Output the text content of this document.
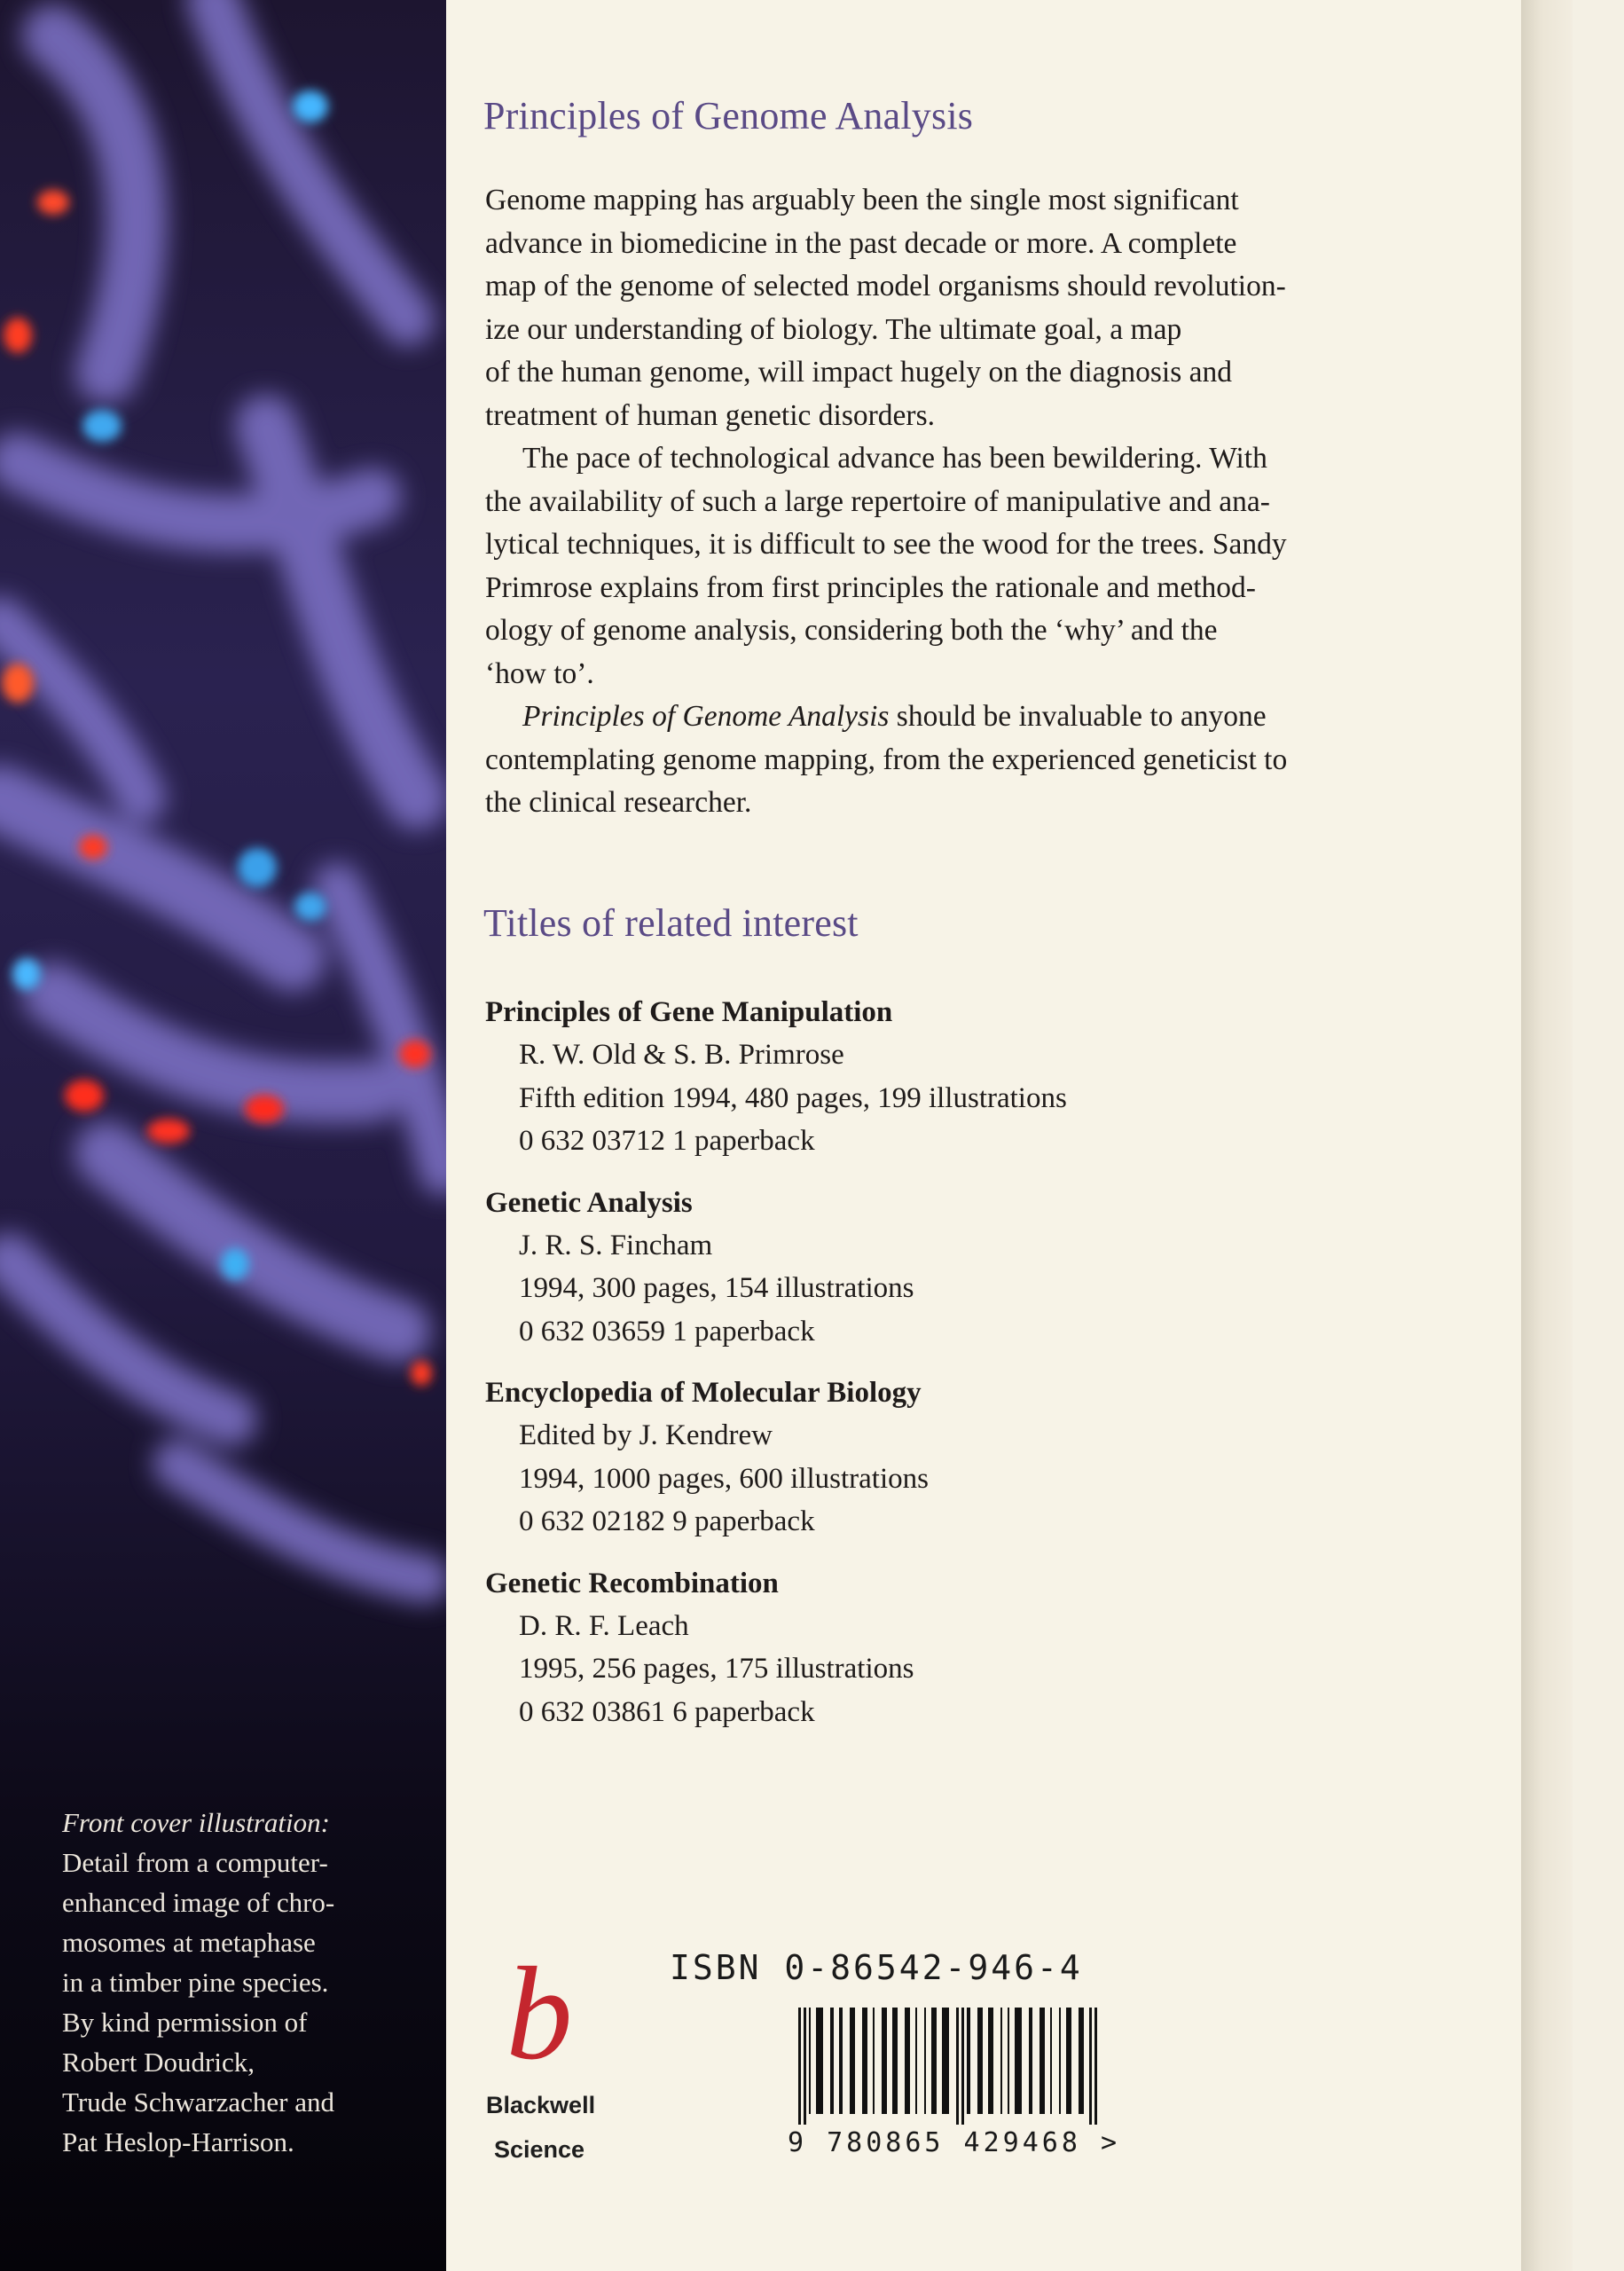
Front cover illustration:
Detail from a computer-
enhanced image of chro-
mosomes at metaphase
in a timber pine species.
By kind permission of
Robert Doudrick,
Trude Schwarzacher and
Pat Heslop-Harrison.
Principles of Genome Analysis
Genome mapping has arguably been the single most significant
advance in biomedicine in the past decade or more. A complete
map of the genome of selected model organisms should revolution-
ize our understanding of biology. The ultimate goal, a map
of the human genome, will impact hugely on the diagnosis and
treatment of human genetic disorders.
The pace of technological advance has been bewildering. With
the availability of such a large repertoire of manipulative and ana-
lytical techniques, it is difficult to see the wood for the trees. Sandy
Primrose explains from first principles the rationale and method-
ology of genome analysis, considering both the ‘why’ and the
‘how to’.
Principles of Genome Analysis should be invaluable to anyone
contemplating genome mapping, from the experienced geneticist to
the clinical researcher.
Titles of related interest
Principles of Gene Manipulation
R. W. Old & S. B. Primrose
Fifth edition 1994, 480 pages, 199 illustrations
0 632 03712 1 paperback
Genetic Analysis
J. R. S. Fincham
1994, 300 pages, 154 illustrations
0 632 03659 1 paperback
Encyclopedia of Molecular Biology
Edited by J. Kendrew
1994, 1000 pages, 600 illustrations
0 632 02182 9 paperback
Genetic Recombination
D. R. F. Leach
1995, 256 pages, 175 illustrations
0 632 03861 6 paperback
b
Blackwell
Science
ISBN 0-86542-946-4
9 780865 429468 >
